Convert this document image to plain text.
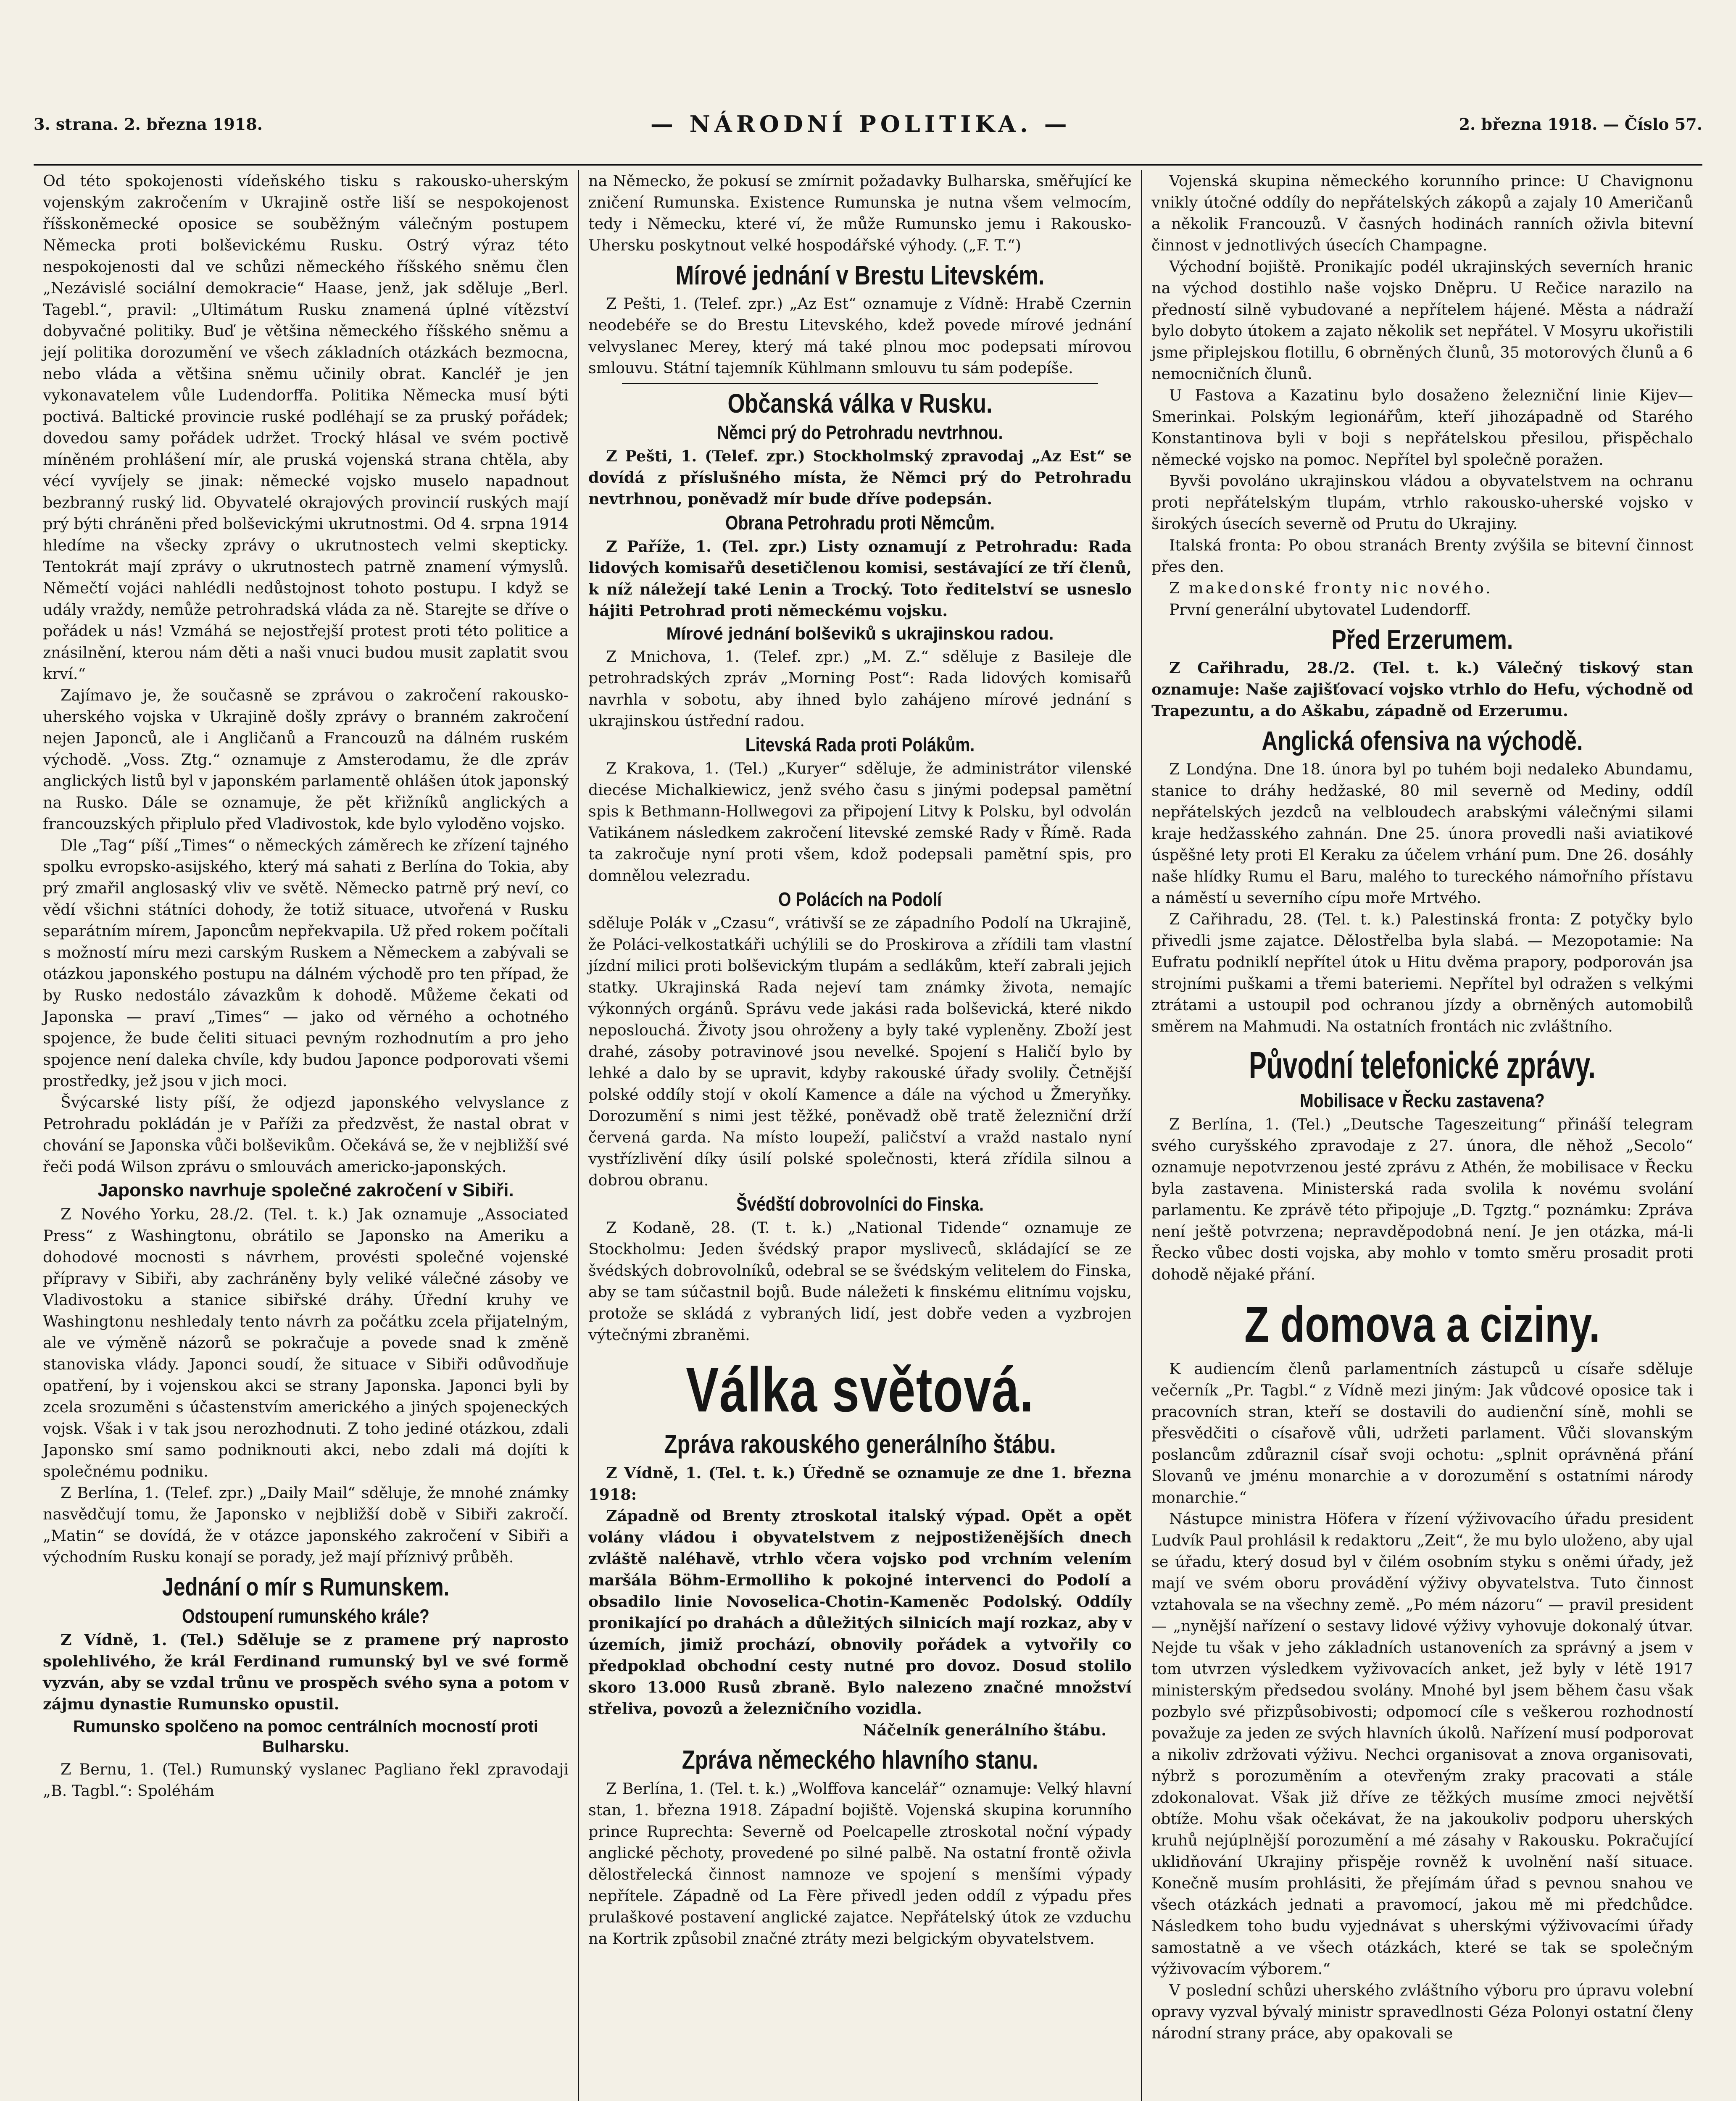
3. strana. 2. března 1918.	— NÁRODNÍ POLITIKA. —	2. března 1918. — Číslo 57.

Od této spokojenosti vídeňského tisku s rakousko-uherským vojenským zakročením v Ukrajině ostře liší se nespokojenost říšskoněmecké oposice se souběžným válečným postupem Německa proti bolševickému Rusku. Ostrý výraz této nespokojenosti dal ve schůzi německého říšského sněmu člen „Nezávislé sociální demokracie“ Haase, jenž, jak sděluje „Berl. Tagebl.“, pravil: „Ultimátum Rusku znamená úplné vítězství dobyvačné politiky. Buď je většina německého říšského sněmu a její politika dorozumění ve všech základních otázkách bezmocna, nebo vláda a většina sněmu učinily obrat. Kancléř je jen vykonavatelem vůle Ludendorffa. Politika Německa musí býti poctivá. Baltické provincie ruské podléhají se za pruský pořádek; dovedou samy pořádek udržet. Trocký hlásal ve svém poctivě míněném prohlášení mír, ale pruská vojenská strana chtěla, aby vécí vyvíjely se jinak: německé vojsko muselo napadnout bezbranný ruský lid. Obyvatelé okrajových provincií ruských mají prý býti chráněni před bolševickými ukrutnostmi. Od 4. srpna 1914 hledíme na všecky zprávy o ukrutnostech velmi skepticky. Tentokrát mají zprávy o ukrutnostech patrně znamení výmyslů. Němečtí vojáci nahlédli nedůstojnost tohoto postupu. I když se udály vraždy, nemůže petrohradská vláda za ně. Starejte se dříve o pořádek u nás! Vzmáhá se nejostřejší protest proti této politice a znásilnění, kterou nám děti a naši vnuci budou musit zaplatit svou krví.“

Zajímavo je, že současně se zprávou o zakročení rakousko-uherského vojska v Ukrajině došly zprávy o branném zakročení nejen Japonců, ale i Angličanů a Francouzů na dálném ruském východě. „Voss. Ztg.“ oznamuje z Amsterodamu, že dle zpráv anglických listů byl v japonském parlamentě ohlášen útok japonský na Rusko. Dále se oznamuje, že pět křižníků anglických a francouzských připlulo před Vladivostok, kde bylo vyloděno vojsko.

Dle „Tag“ píší „Times“ o německých záměrech ke zřízení tajného spolku evropsko-asijského, který má sahati z Berlína do Tokia, aby prý zmařil anglosaský vliv ve světě. Německo patrně prý neví, co vědí všichni státníci dohody, že totiž situace, utvořená v Rusku separátním mírem, Japoncům nepřekvapila. Už před rokem počítali s možností míru mezi carským Ruskem a Německem a zabývali se otázkou japonského postupu na dálném východě pro ten případ, že by Rusko nedostálo závazkům k dohodě. Můžeme čekati od Japonska — praví „Times“ — jako od věrného a ochotného spojence, že bude čeliti situaci pevným rozhodnutím a pro jeho spojence není daleka chvíle, kdy budou Japonce podporovati všemi prostředky, jež jsou v jich moci.

Švýcarské listy píší, že odjezd japonského velvyslance z Petrohradu pokládán je v Paříži za předzvěst, že nastal obrat v chování se Japonska vůči bolševikům. Očekává se, že v nejbližší své řeči podá Wilson zprávu o smlouvách americko-japonských.

Japonsko navrhuje společné zakročení v Sibiři.

Z Nového Yorku, 28./2. (Tel. t. k.) Jak oznamuje „Associated Press“ z Washingtonu, obrátilo se Japonsko na Ameriku a dohodové mocnosti s návrhem, provésti společné vojenské přípravy v Sibiři, aby zachráněny byly veliké válečné zásoby ve Vladivostoku a stanice sibiřské dráhy. Úřední kruhy ve Washingtonu neshledaly tento návrh za počátku zcela přijatelným, ale ve výměně názorů se pokračuje a povede snad k změně stanoviska vlády. Japonci soudí, že situace v Sibiři odůvodňuje opatření, by i vojenskou akci se strany Japonska. Japonci byli by zcela srozuměni s účastenstvím amerického a jiných spojeneckých vojsk. Však i v tak jsou nerozhodnuti. Z toho jediné otázkou, zdali Japonsko smí samo podniknouti akci, nebo zdali má dojíti k společnému podniku.

Z Berlína, 1. (Telef. zpr.) „Daily Mail“ sděluje, že mnohé známky nasvědčují tomu, že Japonsko v nejbližší době v Sibiři zakročí. „Matin“ se dovídá, že v otázce japonského zakročení v Sibiři a východním Rusku konají se porady, jež mají příznivý průběh.

Jednání o mír s Rumunskem.
Odstoupení rumunského krále?

Z Vídně, 1. (Tel.) Sděluje se z pramene prý naprosto spolehlivého, že král Ferdinand rumunský byl ve své formě vyzván, aby se vzdal trůnu ve prospěch svého syna a potom v zájmu dynastie Rumunsko opustil.

Rumunsko spolčeno na pomoc centrálních mocností proti Bulharsku.

Z Bernu, 1. (Tel.) Rumunský vyslanec Pagliano řekl zpravodaji „B. Tagbl.“: Spoléhám

na Německo, že pokusí se zmírnit požadavky Bulharska, směřující ke zničení Rumunska. Existence Rumunska je nutna všem velmocím, tedy i Německu, které ví, že může Rumunsko jemu i Rakousko-Uhersku poskytnout velké hospodářské výhody. („F. T.“)

Mírové jednání v Brestu Litevském.

Z Pešti, 1. (Telef. zpr.) „Az Est“ oznamuje z Vídně: Hrabě Czernin neodebéře se do Brestu Litevského, kdež povede mírové jednání velvyslanec Merey, který má také plnou moc podepsati mírovou smlouvu. Státní tajemník Kühlmann smlouvu tu sám podepíše.

Občanská válka v Rusku.
Němci prý do Petrohradu nevtrhnou.

Z Pešti, 1. (Telef. zpr.) Stockholmský zpravodaj „Az Est“ se dovídá z příslušného místa, že Němci prý do Petrohradu nevtrhnou, poněvadž mír bude dříve podepsán.

Obrana Petrohradu proti Němcům.

Z Paříže, 1. (Tel. zpr.) Listy oznamují z Petrohradu: Rada lidových komisařů desetičlenou komisi, sestávající ze tří členů, k níž náležejí také Lenin a Trocký. Toto ředitelství se usneslo hájiti Petrohrad proti německému vojsku.

Mírové jednání bolševiků s ukrajinskou radou.

Z Mnichova, 1. (Telef. zpr.) „M. Z.“ sděluje z Basileje dle petrohradských zpráv „Morning Post“: Rada lidových komisařů navrhla v sobotu, aby ihned bylo zahájeno mírové jednání s ukrajinskou ústřední radou.

Litevská Rada proti Polákům.

Z Krakova, 1. (Tel.) „Kuryer“ sděluje, že administrátor vilenské diecése Michalkiewicz, jenž svého času s jinými podepsal pamětní spis k Bethmann-Hollwegovi za připojení Litvy k Polsku, byl odvolán Vatikánem následkem zakročení litevské zemské Rady v Římě. Rada ta zakročuje nyní proti všem, kdož podepsali pamětní spis, pro domnělou velezradu.

O Polácích na Podolí

sděluje Polák v „Czasu“, vrátivší se ze západního Podolí na Ukrajině, že Poláci-velkostatkáři uchýlili se do Proskirova a zřídili tam vlastní jízdní milici proti bolševickým tlupám a sedlákům, kteří zabrali jejich statky. Ukrajinská Rada nejeví tam známky života, nemajíc výkonných orgánů. Správu vede jakási rada bolševická, které nikdo neposlouchá. Životy jsou ohroženy a byly také vypleněny. Zboží jest drahé, zásoby potravinové jsou nevelké. Spojení s Haličí bylo by lehké a dalo by se upravit, kdyby rakouské úřady svolily. Četnější polské oddíly stojí v okolí Kamence a dále na východ u Žmeryňky. Dorozumění s nimi jest těžké, poněvadž obě tratě železniční drží červená garda. Na místo loupeží, paličství a vražd nastalo nyní vystřízlivění díky úsilí polské společnosti, která zřídila silnou a dobrou obranu.

Švédští dobrovolníci do Finska.

Z Kodaně, 28. (T. t. k.) „National Tidende“ oznamuje ze Stockholmu: Jeden švédský prapor mysliveců, skládající se ze švédských dobrovolníků, odebral se se švédským velitelem do Finska, aby se tam súčastnil bojů. Bude náležeti k finskému elitnímu vojsku, protože se skládá z vybraných lidí, jest dobře veden a vyzbrojen výtečnými zbraněmi.

Válka světová.
Zpráva rakouského generálního štábu.

Z Vídně, 1. (Tel. t. k.) Úředně se oznamuje ze dne 1. března 1918:

Západně od Brenty ztroskotal italský výpad. Opět a opět volány vládou i obyvatelstvem z nejpostiženějších dnech zvláště naléhavě, vtrhlo včera vojsko pod vrchním velením maršála Böhm-Ermolliho k pokojné intervenci do Podolí a obsadilo linie Novoselica-Chotin-Kameněc Podolský. Oddíly pronikající po drahách a důležitých silnicích mají rozkaz, aby v územích, jimiž prochází, obnovily pořádek a vytvořily co předpoklad obchodní cesty nutné pro dovoz. Dosud stolilo skoro 13.000 Rusů zbraně. Bylo nalezeno značné množství střeliva, povozů a železničního vozidla.

Náčelník generálního štábu.
Zpráva německého hlavního stanu.

Z Berlína, 1. (Tel. t. k.) „Wolffova kancelář“ oznamuje: Velký hlavní stan, 1. března 1918. Západní bojiště. Vojenská skupina korunního prince Ruprechta: Severně od Poelcapelle ztroskotal noční výpady anglické pěchoty, provedené po silné palbě. Na ostatní frontě oživla dělostřelecká činnost namnoze ve spojení s menšími výpady nepřítele. Západně od La Fère přivedl jeden oddíl z výpadu přes prulaškové postavení anglické zajatce. Nepřátelský útok ze vzduchu na Kortrik způsobil značné ztráty mezi belgickým obyvatelstvem.

Vojenská skupina německého korunního prince: U Chavignonu vnikly útočné oddíly do nepřátelských zákopů a zajaly 10 Američanů a několik Francouzů. V časných hodinách ranních oživla bitevní činnost v jednotlivých úsecích Champagne.

Východní bojiště. Pronikajíc podél ukrajinských severních hranic na východ dostihlo naše vojsko Dněpru. U Rečice narazilo na předností silně vybudované a nepřítelem hájené. Města a nádraží bylo dobyto útokem a zajato několik set nepřátel. V Mosyru ukořistili jsme připlejskou flotillu, 6 obrněných člunů, 35 motorových člunů a 6 nemocničních člunů.

U Fastova a Kazatinu bylo dosaženo železniční linie Kijev—Smerinkai. Polským legionářům, kteří jihozápadně od Starého Konstantinova byli v boji s nepřátelskou přesilou, přispěchalo německé vojsko na pomoc. Nepřítel byl společně poražen.

Byvši povoláno ukrajinskou vládou a obyvatelstvem na ochranu proti nepřátelským tlupám, vtrhlo rakousko-uherské vojsko v širokých úsecích severně od Prutu do Ukrajiny.

Italská fronta: Po obou stranách Brenty zvýšila se bitevní činnost přes den.

Z makedonské fronty nic nového.

První generální ubytovatel Ludendorff.

Před Erzerumem.

Z Cařihradu, 28./2. (Tel. t. k.) Válečný tiskový stan oznamuje: Naše zajišťovací vojsko vtrhlo do Hefu, východně od Trapezuntu, a do Aškabu, západně od Erzerumu.

Anglická ofensiva na východě.

Z Londýna. Dne 18. února byl po tuhém boji nedaleko Abundamu, stanice to dráhy hedžaské, 80 mil severně od Mediny, oddíl nepřátelských jezdců na velbloudech arabskými válečnými silami kraje hedžasského zahnán. Dne 25. února provedli naši aviatikové úspěšné lety proti El Keraku za účelem vrhání pum. Dne 26. dosáhly naše hlídky Rumu el Baru, malého to tureckého námořního přístavu a náměstí u severního cípu moře Mrtvého.

Z Cařihradu, 28. (Tel. t. k.) Palestinská fronta: Z potyčky bylo přivedli jsme zajatce. Dělostřelba byla slabá. — Mezopotamie: Na Eufratu podniklí nepřítel útok u Hitu dvěma prapory, podporován jsa strojními puškami a třemi bateriemi. Nepřítel byl odražen s velkými ztrátami a ustoupil pod ochranou jízdy a obrněných automobilů směrem na Mahmudi. Na ostatních frontách nic zvláštního.

Původní telefonické zprávy.
Mobilisace v Řecku zastavena?

Z Berlína, 1. (Tel.) „Deutsche Tageszeitung“ přináší telegram svého curyšského zpravodaje z 27. února, dle něhož „Secolo“ oznamuje nepotvrzenou jesté zprávu z Athén, že mobilisace v Řecku byla zastavena. Ministerská rada svolila k novému svolání parlamentu. Ke zprávě této připojuje „D. Tgztg.“ poznámku: Zpráva není ještě potvrzena; nepravděpodobná není. Je jen otázka, má-li Řecko vůbec dosti vojska, aby mohlo v tomto směru prosadit proti dohodě nějaké přání.

Z domova a ciziny.

K audiencím členů parlamentních zástupců u císaře sděluje večerník „Pr. Tagbl.“ z Vídně mezi jiným: Jak vůdcové oposice tak i pracovních stran, kteří se dostavili do audienční síně, mohli se přesvědčiti o císařově vůli, udržeti parlament. Vůči slovanským poslancům zdůraznil císař svoji ochotu: „splnit oprávněná přání Slovanů ve jménu monarchie a v dorozumění s ostatními národy monarchie.“

Nástupce ministra Höfera v řízení výživovacího úřadu president Ludvík Paul prohlásil k redaktoru „Zeit“, že mu bylo uloženo, aby ujal se úřadu, který dosud byl v čilém osobním styku s oněmi úřady, jež mají ve svém oboru provádění výživy obyvatelstva. Tuto činnost vztahovala se na všechny země. „Po mém názoru“ — pravil president — „nynější nařízení o sestavy lidové výživy vyhovuje dokonalý útvar. Nejde tu však v jeho základních ustanoveních za správný a jsem v tom utvrzen výsledkem vyživovacích anket, jež byly v létě 1917 ministerským předsedou svolány. Mnohé byl jsem během času však pozbylo své přizpůsobivosti; odpomocí cíle s veškerou rozhodností považuje za jeden ze svých hlavních úkolů. Nařízení musí podporovat a nikoliv zdržovati výživu. Nechci organisovat a znova organisovati, nýbrž s porozuměním a otevřeným zraky pracovati a stále zdokonalovat. Však již dříve ze těžkých musíme zmoci největší obtíže. Mohu však očekávat, že na jakoukoliv podporu uherských kruhů nejúplnější porozumění a mé zásahy v Rakousku. Pokračující uklidňování Ukrajiny přispěje rovněž k uvolnění naší situace. Konečně musím prohlásiti, že přejímám úřad s pevnou snahou ve všech otázkách jednati a pravomocí, jakou mě mi předchůdce. Následkem toho budu vyjednávat s uherskými výživovacími úřady samostatně a ve všech otázkách, které se tak se společným výživovacím výborem.“

V poslední schůzi uherského zvláštního výboru pro úpravu volební opravy vyzval bývalý ministr spravedlnosti Géza Polonyi ostatní členy národní strany práce, aby opakovali se
